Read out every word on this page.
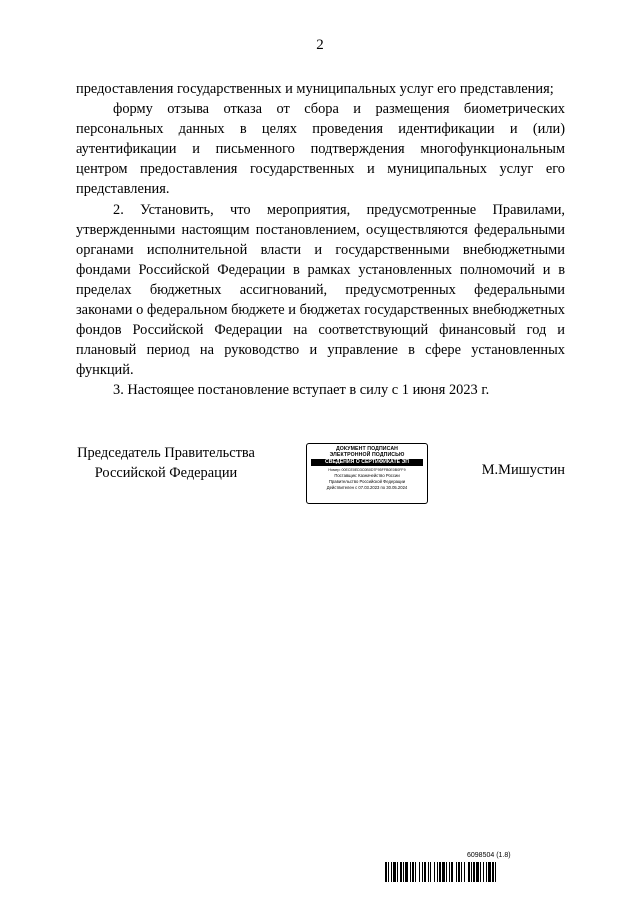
2

предоставления государственных и муниципальных услуг его представления;

форму отзыва отказа от сбора и размещения биометрических персональных данных в целях проведения идентификации и (или) аутентификации и письменного подтверждения многофункциональным центром предоставления государственных и муниципальных услуг его представления.

2. Установить, что мероприятия, предусмотренные Правилами, утвержденными настоящим постановлением, осуществляются федеральными органами исполнительной власти и государственными внебюджетными фондами Российской Федерации в рамках установленных полномочий и в пределах бюджетных ассигнований, предусмотренных федеральными законами о федеральном бюджете и бюджетах государственных внебюджетных фондов Российской Федерации на соответствующий финансовый год и плановый период на руководство и управление в сфере установленных функций.

3. Настоящее постановление вступает в силу с 1 июня 2023 г.

Председатель Правительства
Российской Федерации
ДОКУМЕНТ ПОДПИСАН
ЭЛЕКТРОННОЙ ПОДПИСЬЮ
СВЕДЕНИЯ О СЕРТИФИКАТЕ ЭП
Номер: 00ECE0ED3C0B0D7F95FFB0E0B0FF9
Поставщик: Казначейство России
Правительство Российской Федерации
Действителен с 07.03.2023 по 30.05.2024
М.Мишустин
6098504 (1.8)
